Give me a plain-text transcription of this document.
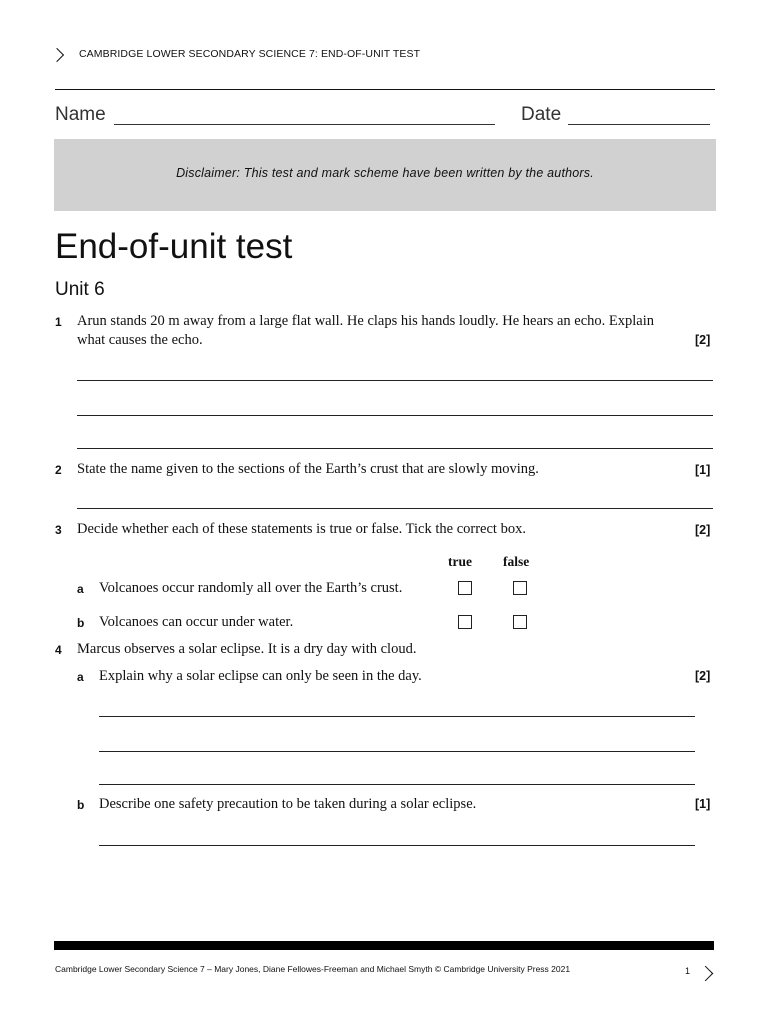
CAMBRIDGE LOWER SECONDARY SCIENCE 7: END-OF-UNIT TEST
Name	Date
Disclaimer: This test and mark scheme have been written by the authors.
End-of-unit test
Unit 6
1 Arun stands 20 m away from a large flat wall. He claps his hands loudly. He hears an echo. Explain
what causes the echo.	[2]
2 State the name given to the sections of the Earth’s crust that are slowly moving.	[1]
3 Decide whether each of these statements is true or false. Tick the correct box.	[2]
true false
a Volcanoes occur randomly all over the Earth’s crust.
b Volcanoes can occur under water.
4 Marcus observes a solar eclipse. It is a dry day with cloud.
a Explain why a solar eclipse can only be seen in the day.	[2]
b Describe one safety precaution to be taken during a solar eclipse.	[1]
Cambridge Lower Secondary Science 7 – Mary Jones, Diane Fellowes-Freeman and Michael Smyth © Cambridge University Press 2021	1
